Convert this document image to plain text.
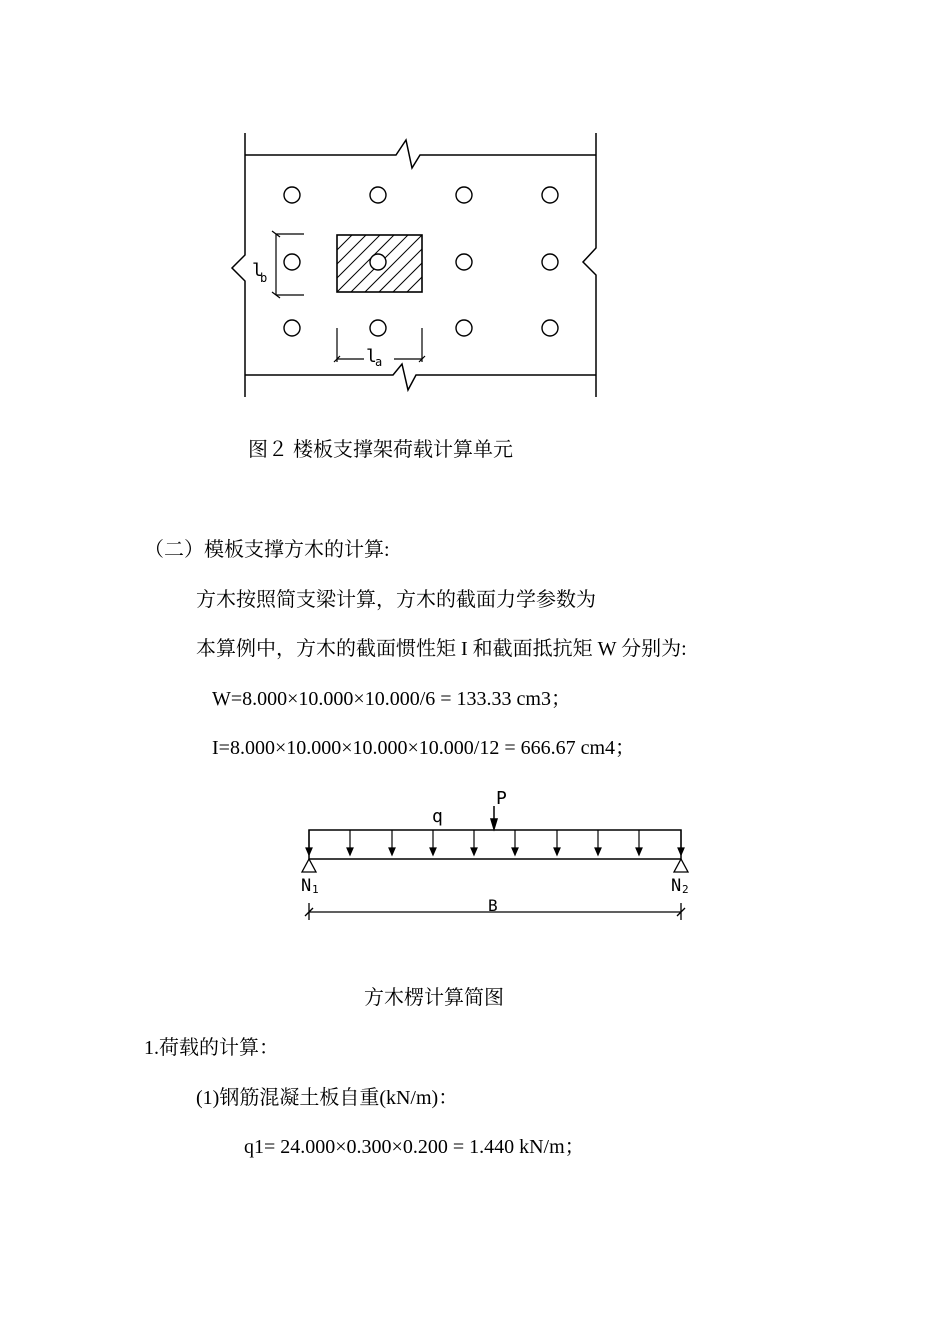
l
b
l
a
图２ 楼板支撑架荷载计算单元
（二）模板支撑方木的计算:
方木按照简支梁计算，方木的截面力学参数为
本算例中，方木的截面惯性矩 I 和截面抵抗矩 W 分别为:
W=8.000×10.000×10.000/6 = 133.33 cm3；
I=8.000×10.000×10.000×10.000/12 = 666.67 cm4；
q
P
N 1	N 2
B
方木楞计算简图
1.荷载的计算：
(1)钢筋混凝土板自重(kN/m)：
q1= 24.000×0.300×0.200 = 1.440 kN/m；
